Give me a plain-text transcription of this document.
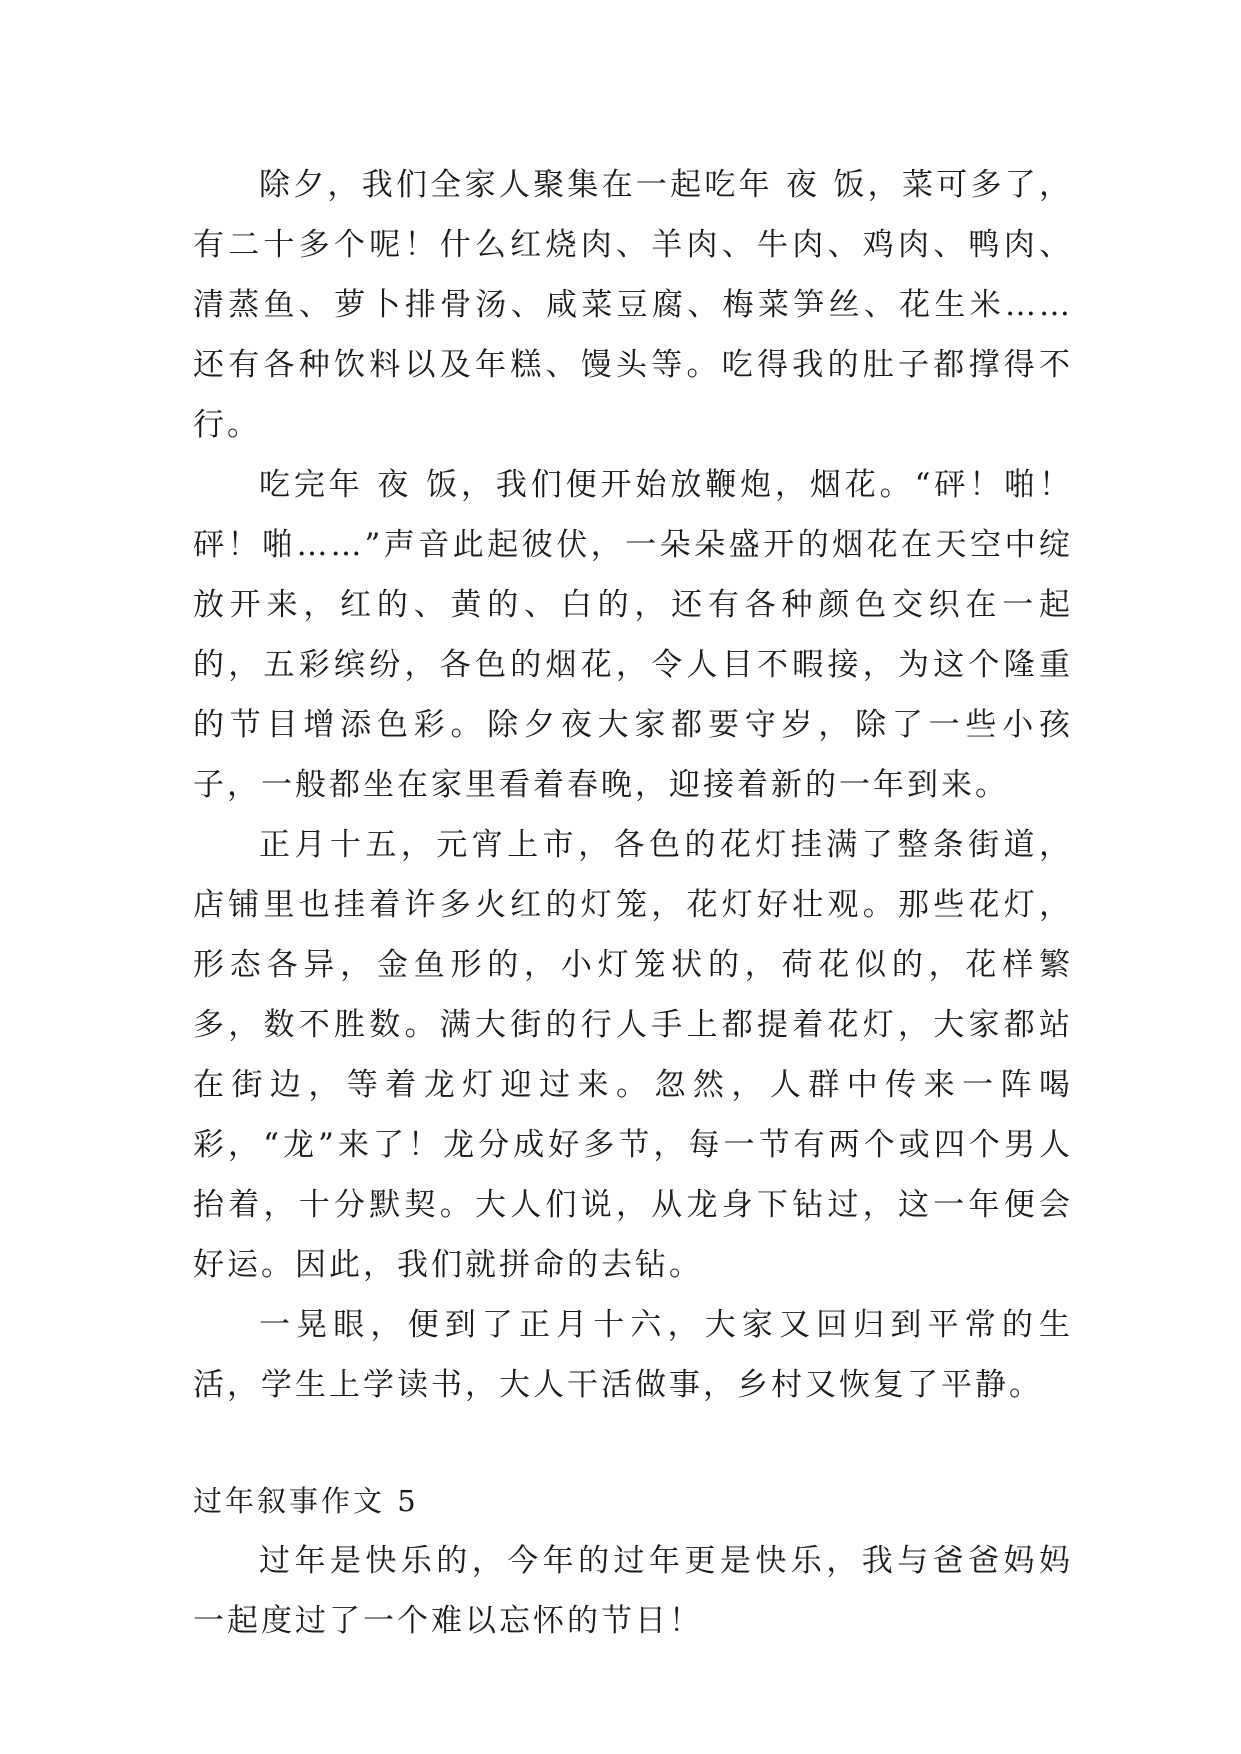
除夕，我们全家人聚集在一起吃年 夜 饭，菜可多了，有二十多个呢！什么红烧肉、羊肉、牛肉、鸡肉、鸭肉、清蒸鱼、萝卜排骨汤、咸菜豆腐、梅菜笋丝、花生米……还有各种饮料以及年糕、馒头等。吃得我的肚子都撑得不行。

吃完年 夜 饭，我们便开始放鞭炮，烟花。“砰！啪！砰！啪……”声音此起彼伏，一朵朵盛开的烟花在天空中绽放开来，红的、黄的、白的，还有各种颜色交织在一起的，五彩缤纷，各色的烟花，令人目不暇接，为这个隆重的节目增添色彩。除夕夜大家都要守岁，除了一些小孩子，一般都坐在家里看着春晚，迎接着新的一年到来。

正月十五，元宵上市，各色的花灯挂满了整条街道，店铺里也挂着许多火红的灯笼，花灯好壮观。那些花灯，形态各异，金鱼形的，小灯笼状的，荷花似的，花样繁多，数不胜数。满大街的行人手上都提着花灯，大家都站在街边，等着龙灯迎过来。忽然，人群中传来一阵喝彩，“龙”来了！龙分成好多节，每一节有两个或四个男人抬着，十分默契。大人们说，从龙身下钻过，这一年便会好运。因此，我们就拼命的去钻。

一晃眼，便到了正月十六，大家又回归到平常的生活，学生上学读书，大人干活做事，乡村又恢复了平静。

过年叙事作文 5

过年是快乐的，今年的过年更是快乐，我与爸爸妈妈一起度过了一个难以忘怀的节日！
